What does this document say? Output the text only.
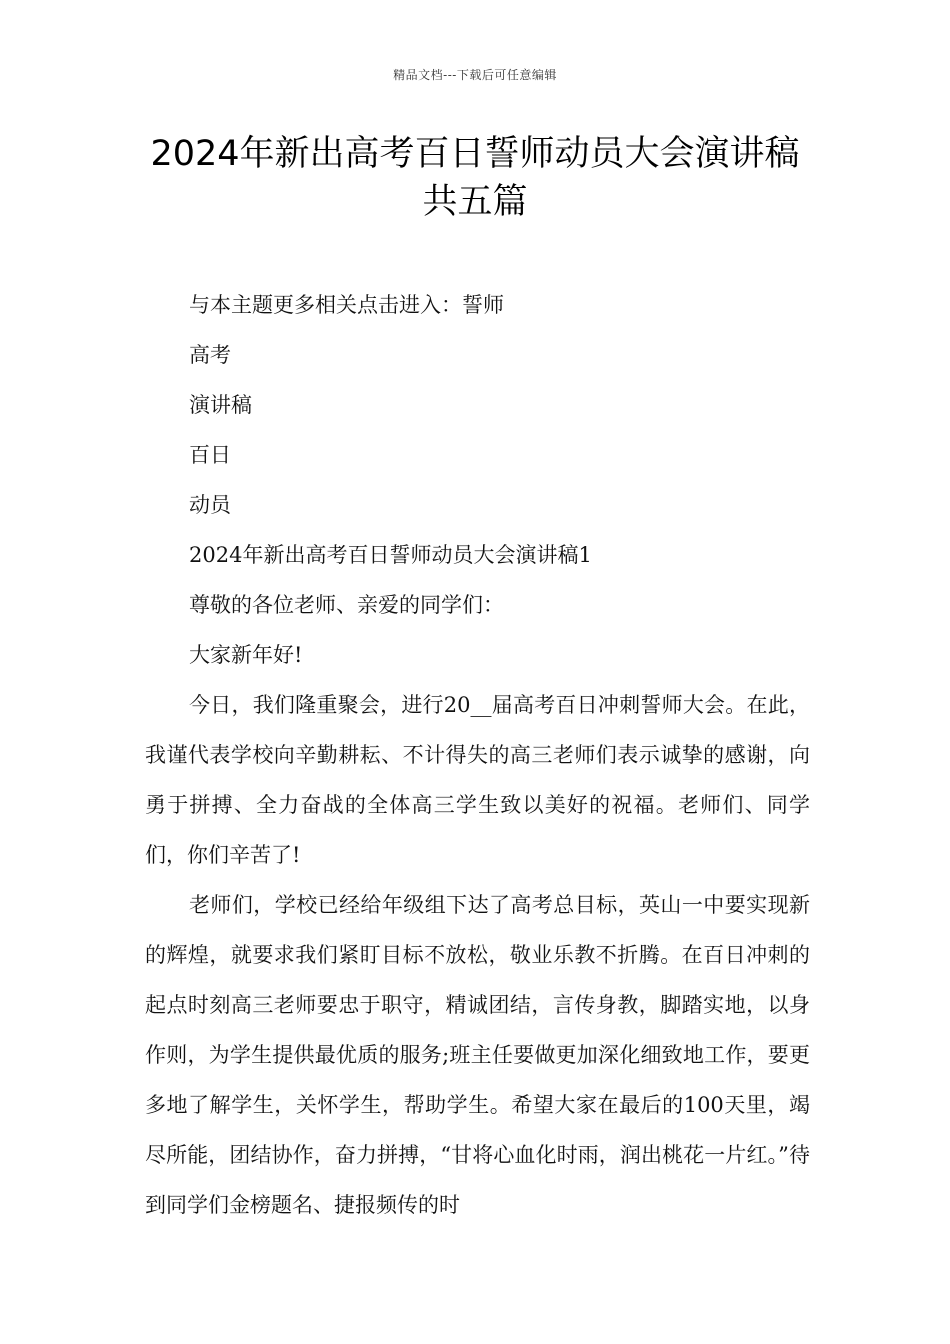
精品文档---下载后可任意编辑
2024年新出高考百日誓师动员大会演讲稿共五篇

与本主题更多相关点击进入：誓师

高考

演讲稿

百日

动员

2024年新出高考百日誓师动员大会演讲稿1

尊敬的各位老师、亲爱的同学们：

大家新年好!

今日，我们隆重聚会，进行20__届高考百日冲刺誓师大会。在此，我谨代表学校向辛勤耕耘、不计得失的高三老师们表示诚挚的感谢，向勇于拼搏、全力奋战的全体高三学生致以美好的祝福。老师们、同学们，你们辛苦了!

老师们，学校已经给年级组下达了高考总目标，英山一中要实现新的辉煌，就要求我们紧盯目标不放松，敬业乐教不折腾。在百日冲刺的起点时刻高三老师要忠于职守，精诚团结，言传身教，脚踏实地，以身作则，为学生提供最优质的服务;班主任要做更加深化细致地工作，要更多地了解学生，关怀学生，帮助学生。希望大家在最后的100天里，竭尽所能，团结协作，奋力拼搏，“甘将心血化时雨，润出桃花一片红。”待到同学们金榜题名、捷报频传的时
